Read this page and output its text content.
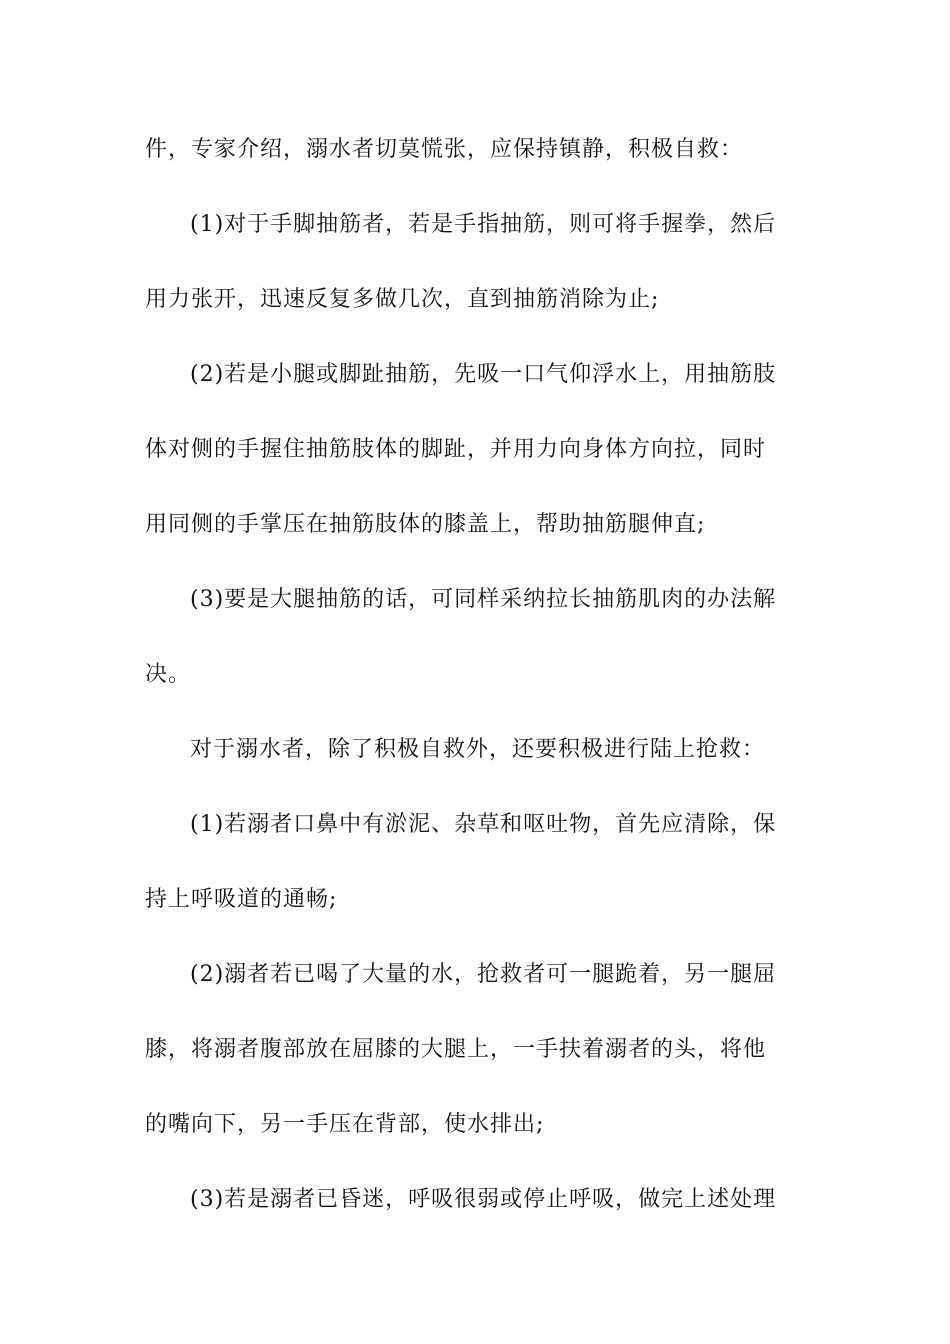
件，专家介绍，溺水者切莫慌张，应保持镇静，积极自救：
(1)对于手脚抽筋者，若是手指抽筋，则可将手握拳，然后
用力张开，迅速反复多做几次，直到抽筋消除为止;
(2)若是小腿或脚趾抽筋，先吸一口气仰浮水上，用抽筋肢
体对侧的手握住抽筋肢体的脚趾，并用力向身体方向拉，同时
用同侧的手掌压在抽筋肢体的膝盖上，帮助抽筋腿伸直;
(3)要是大腿抽筋的话，可同样采纳拉长抽筋肌肉的办法解
决。
对于溺水者，除了积极自救外，还要积极进行陆上抢救：
(1)若溺者口鼻中有淤泥、杂草和呕吐物，首先应清除，保
持上呼吸道的通畅;
(2)溺者若已喝了大量的水，抢救者可一腿跪着，另一腿屈
膝，将溺者腹部放在屈膝的大腿上，一手扶着溺者的头，将他
的嘴向下，另一手压在背部，使水排出;
(3)若是溺者已昏迷，呼吸很弱或停止呼吸，做完上述处理
